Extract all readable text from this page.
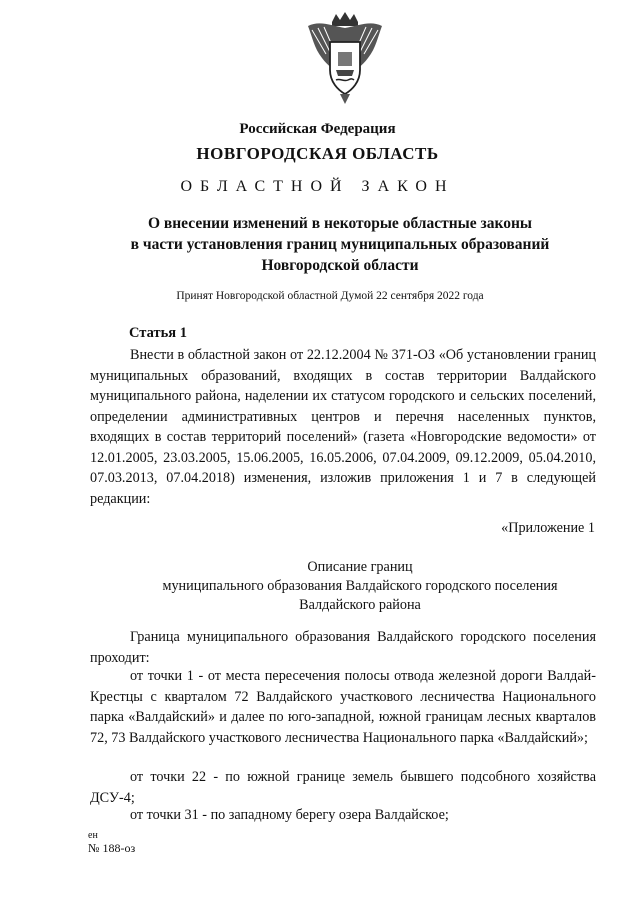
Российская Федерация
НОВГОРОДСКАЯ ОБЛАСТЬ
ОБЛАСТНОЙ ЗАКОН
О внесении изменений в некоторые областные законы
в части установления границ муниципальных образований
Новгородской области
Принят Новгородской областной Думой 22 сентября 2022 года
Статья 1
Внести в областной закон от 22.12.2004 № 371-ОЗ «Об установлении границ муниципальных образований, входящих в состав территории Валдайского муниципального района, наделении их статусом городского и сельских поселений, определении административных центров и перечня населенных пунктов, входящих в состав территорий поселений» (газета «Новгородские ведомости» от 12.01.2005, 23.03.2005, 15.06.2005, 16.05.2006, 07.04.2009, 09.12.2009, 05.04.2010, 07.03.2013, 07.04.2018) изменения, изложив приложения 1 и 7 в следующей редакции:
«Приложение 1
Описание границ
муниципального образования Валдайского городского поселения
Валдайского района
Граница муниципального образования Валдайского городского поселения проходит:
от точки 1 - от места пересечения полосы отвода железной дороги Валдай-Крестцы с кварталом 72 Валдайского участкового лесничества Национального парка «Валдайский» и далее по юго-западной, южной границам лесных кварталов 72, 73 Валдайского участкового лесничества Национального парка «Валдайский»;
от точки 22 - по южной границе земель бывшего подсобного хозяйства ДСУ-4;
от точки 31 - по западному берегу озера Валдайское;
ен
№ 188-оз
